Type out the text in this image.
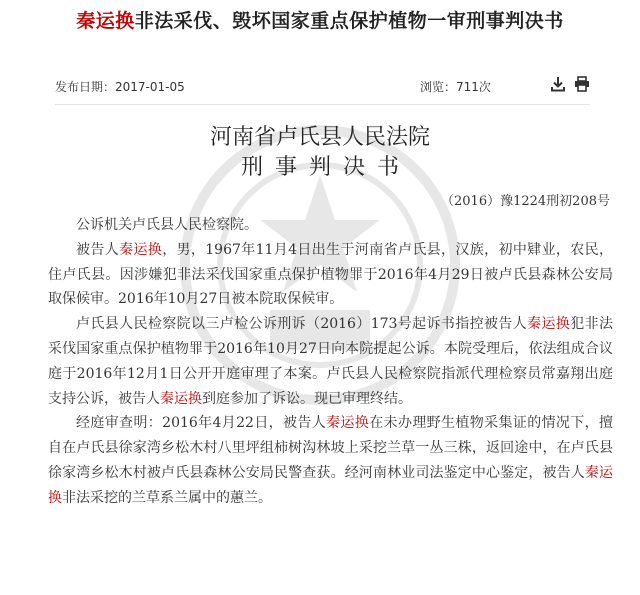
秦运换非法采伐、毁坏国家重点保护植物一审刑事判决书
发布日期：2017-01-05	浏览：711次
河南省卢氏县人民法院
刑事判决书
（2016）豫1224刑初208号

公诉机关卢氏县人民检察院。

被告人秦运换，男，1967年11月4日出生于河南省卢氏县，汉族，初中肄业，农民，住卢氏县。因涉嫌犯非法采伐国家重点保护植物罪于2016年4月29日被卢氏县森林公安局取保候审。2016年10月27日被本院取保候审。

卢氏县人民检察院以三卢检公诉刑诉（2016）173号起诉书指控被告人秦运换犯非法采伐国家重点保护植物罪于2016年10月27日向本院提起公诉。本院受理后，依法组成合议庭于2016年12月1日公开开庭审理了本案。卢氏县人民检察院指派代理检察员常嘉翔出庭支持公诉，被告人秦运换到庭参加了诉讼。现已审理终结。

经庭审查明：2016年4月22日，被告人秦运换在未办理野生植物采集证的情况下，擅自在卢氏县徐家湾乡松木村八里坪组柿树沟林坡上采挖兰草一丛三株，返回途中，在卢氏县徐家湾乡松木村被卢氏县森林公安局民警查获。经河南林业司法鉴定中心鉴定，被告人秦运换非法采挖的兰草系兰属中的蕙兰。
